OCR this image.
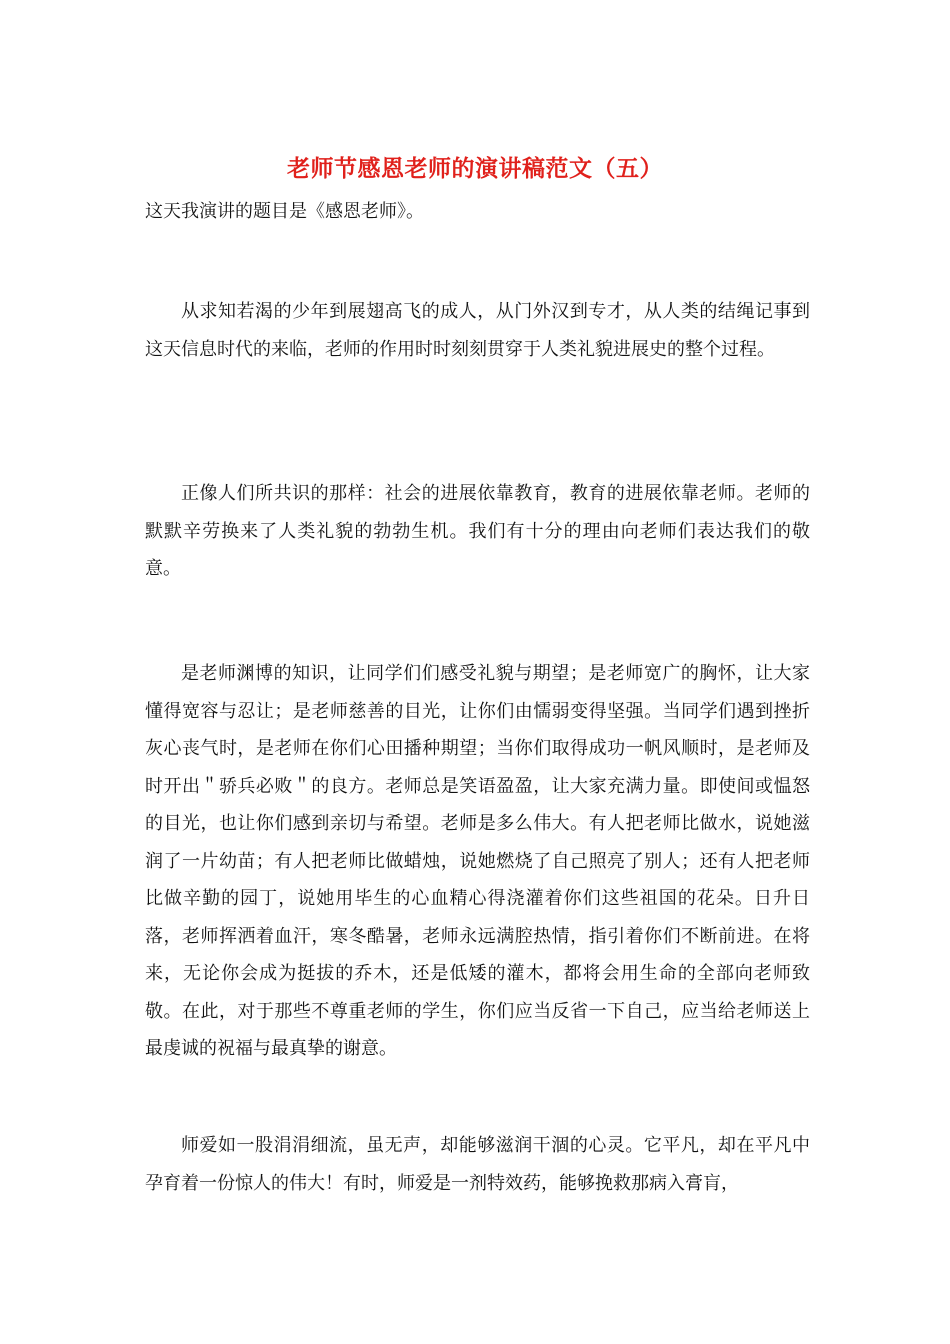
老师节感恩老师的演讲稿范文（五）
这天我演讲的题目是《感恩老师》。

从求知若渴的少年到展翅高飞的成人，从门外汉到专才，从人类的结绳记事到这天信息时代的来临，老师的作用时时刻刻贯穿于人类礼貌进展史的整个过程。

正像人们所共识的那样：社会的进展依靠教育，教育的进展依靠老师。老师的默默辛劳换来了人类礼貌的勃勃生机。我们有十分的理由向老师们表达我们的敬意。

是老师渊博的知识，让同学们们感受礼貌与期望；是老师宽广的胸怀，让大家懂得宽容与忍让；是老师慈善的目光，让你们由懦弱变得坚强。当同学们遇到挫折灰心丧气时，是老师在你们心田播种期望；当你们取得成功一帆风顺时，是老师及时开出＂骄兵必败＂的良方。老师总是笑语盈盈，让大家充满力量。即使间或愠怒的目光，也让你们感到亲切与希望。老师是多么伟大。有人把老师比做水，说她滋润了一片幼苗；有人把老师比做蜡烛，说她燃烧了自己照亮了别人；还有人把老师比做辛勤的园丁，说她用毕生的心血精心得浇灌着你们这些祖国的花朵。日升日落，老师挥洒着血汗，寒冬酷暑，老师永远满腔热情，指引着你们不断前进。在将来，无论你会成为挺拔的乔木，还是低矮的灌木，都将会用生命的全部向老师致敬。在此，对于那些不尊重老师的学生，你们应当反省一下自己，应当给老师送上最虔诚的祝福与最真挚的谢意。

师爱如一股涓涓细流，虽无声，却能够滋润干涸的心灵。它平凡，却在平凡中孕育着一份惊人的伟大！有时，师爱是一剂特效药，能够挽救那病入膏肓，
